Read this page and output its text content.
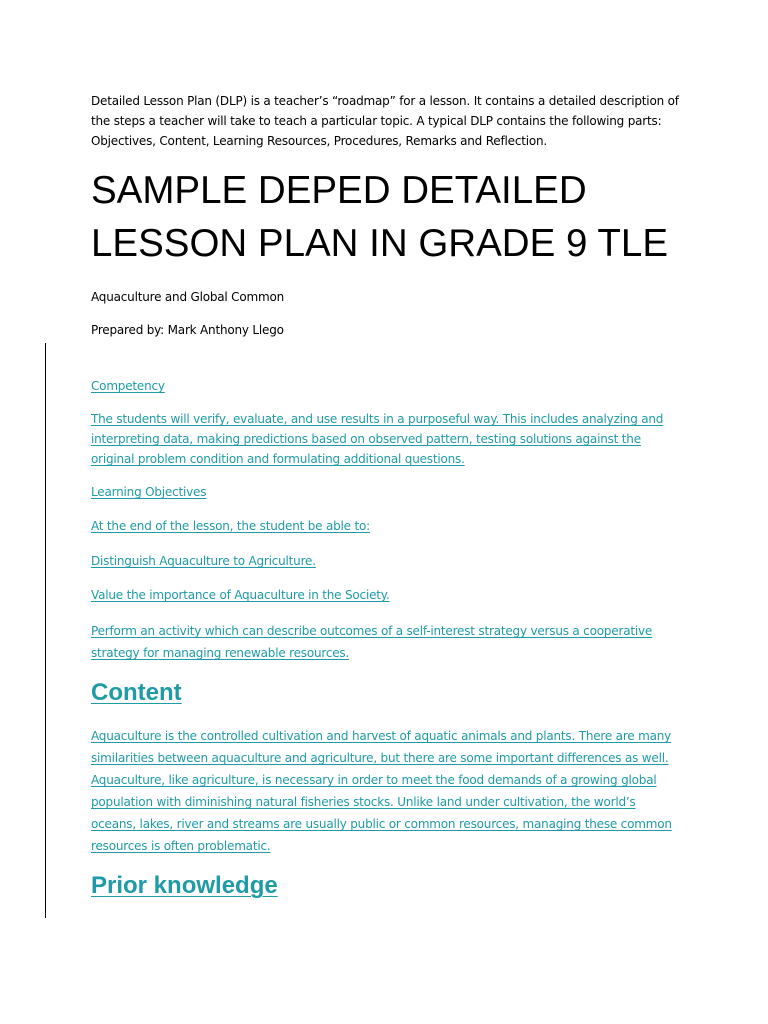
Detailed Lesson Plan (DLP) is a teacher’s “roadmap” for a lesson. It contains a detailed description of the steps a teacher will take to teach a particular topic. A typical DLP contains the following parts: Objectives, Content, Learning Resources, Procedures, Remarks and Reflection.

SAMPLE DEPED DETAILED LESSON PLAN IN GRADE 9 TLE

Aquaculture and Global Common

Prepared by: Mark Anthony Llego

Competency

The students will verify, evaluate, and use results in a purposeful way. This includes analyzing and interpreting data, making predictions based on observed pattern, testing solutions against the original problem condition and formulating additional questions.

Learning Objectives

At the end of the lesson, the student be able to:

Distinguish Aquaculture to Agriculture.

Value the importance of Aquaculture in the Society.

Perform an activity which can describe outcomes of a self-interest strategy versus a cooperative strategy for managing renewable resources.

Content

Aquaculture is the controlled cultivation and harvest of aquatic animals and plants. There are many similarities between aquaculture and agriculture, but there are some important differences as well. Aquaculture, like agriculture, is necessary in order to meet the food demands of a growing global population with diminishing natural fisheries stocks. Unlike land under cultivation, the world’s oceans, lakes, river and streams are usually public or common resources, managing these common resources is often problematic.

Prior knowledge
